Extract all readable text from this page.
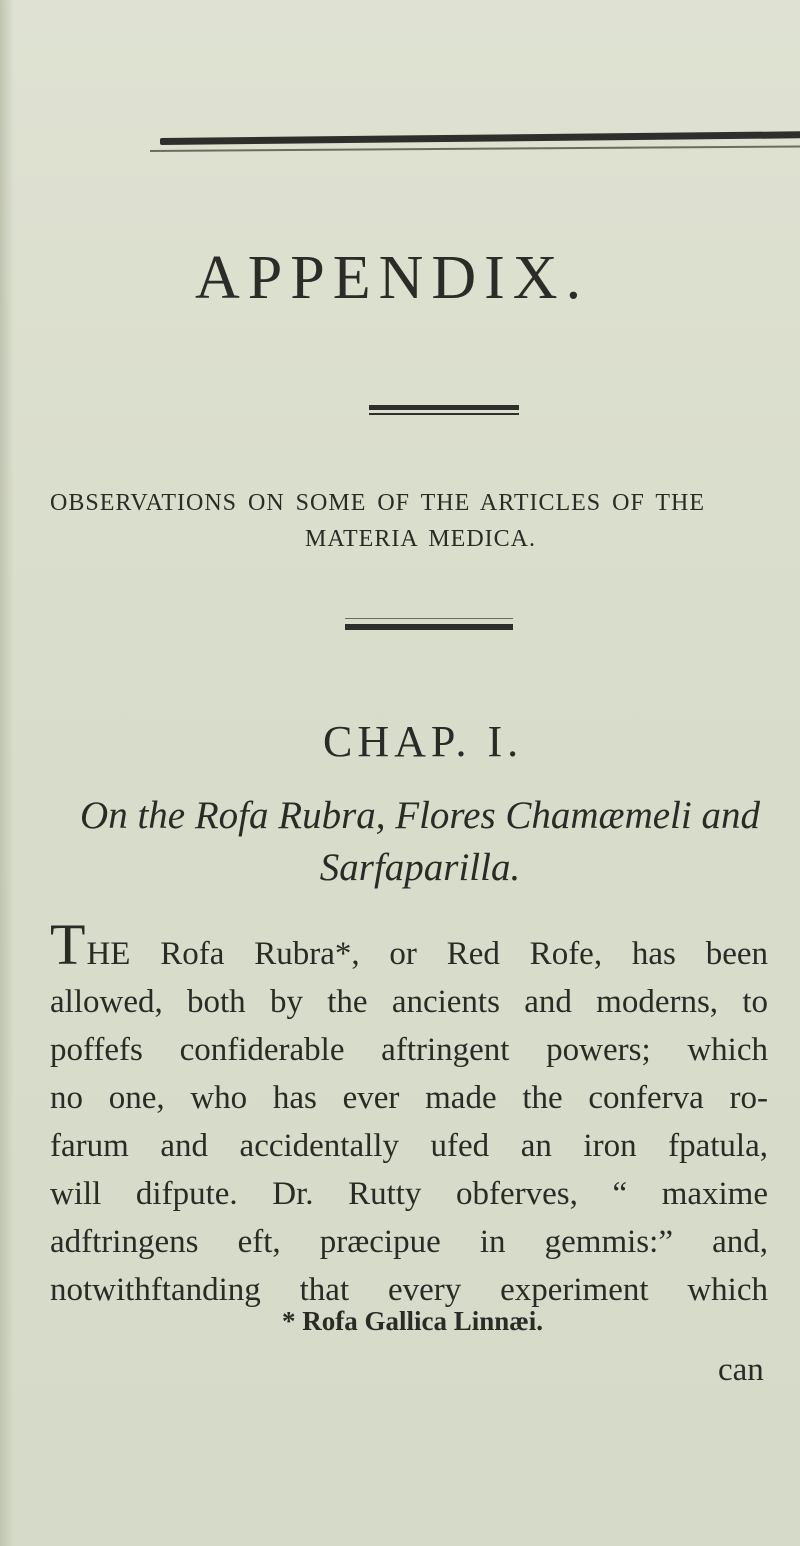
APPENDIX.
OBSERVATIONS ON SOME OF THE ARTICLES OF THE
MATERIA MEDICA.
CHAP. I.
On the Rofa Rubra, Flores Chamæmeli and
Sarfaparilla.
THE Rofa Rubra*, or Red Rofe, has been
allowed, both by the ancients and moderns, to
poffefs confiderable aftringent powers; which
no one, who has ever made the conferva ro-
farum and accidentally ufed an iron fpatula,
will difpute. Dr. Rutty obferves, “ maxime
adftringens eft, præcipue in gemmis:” and,
notwithftanding that every experiment which
* Rofa Gallica Linnæi.
can
